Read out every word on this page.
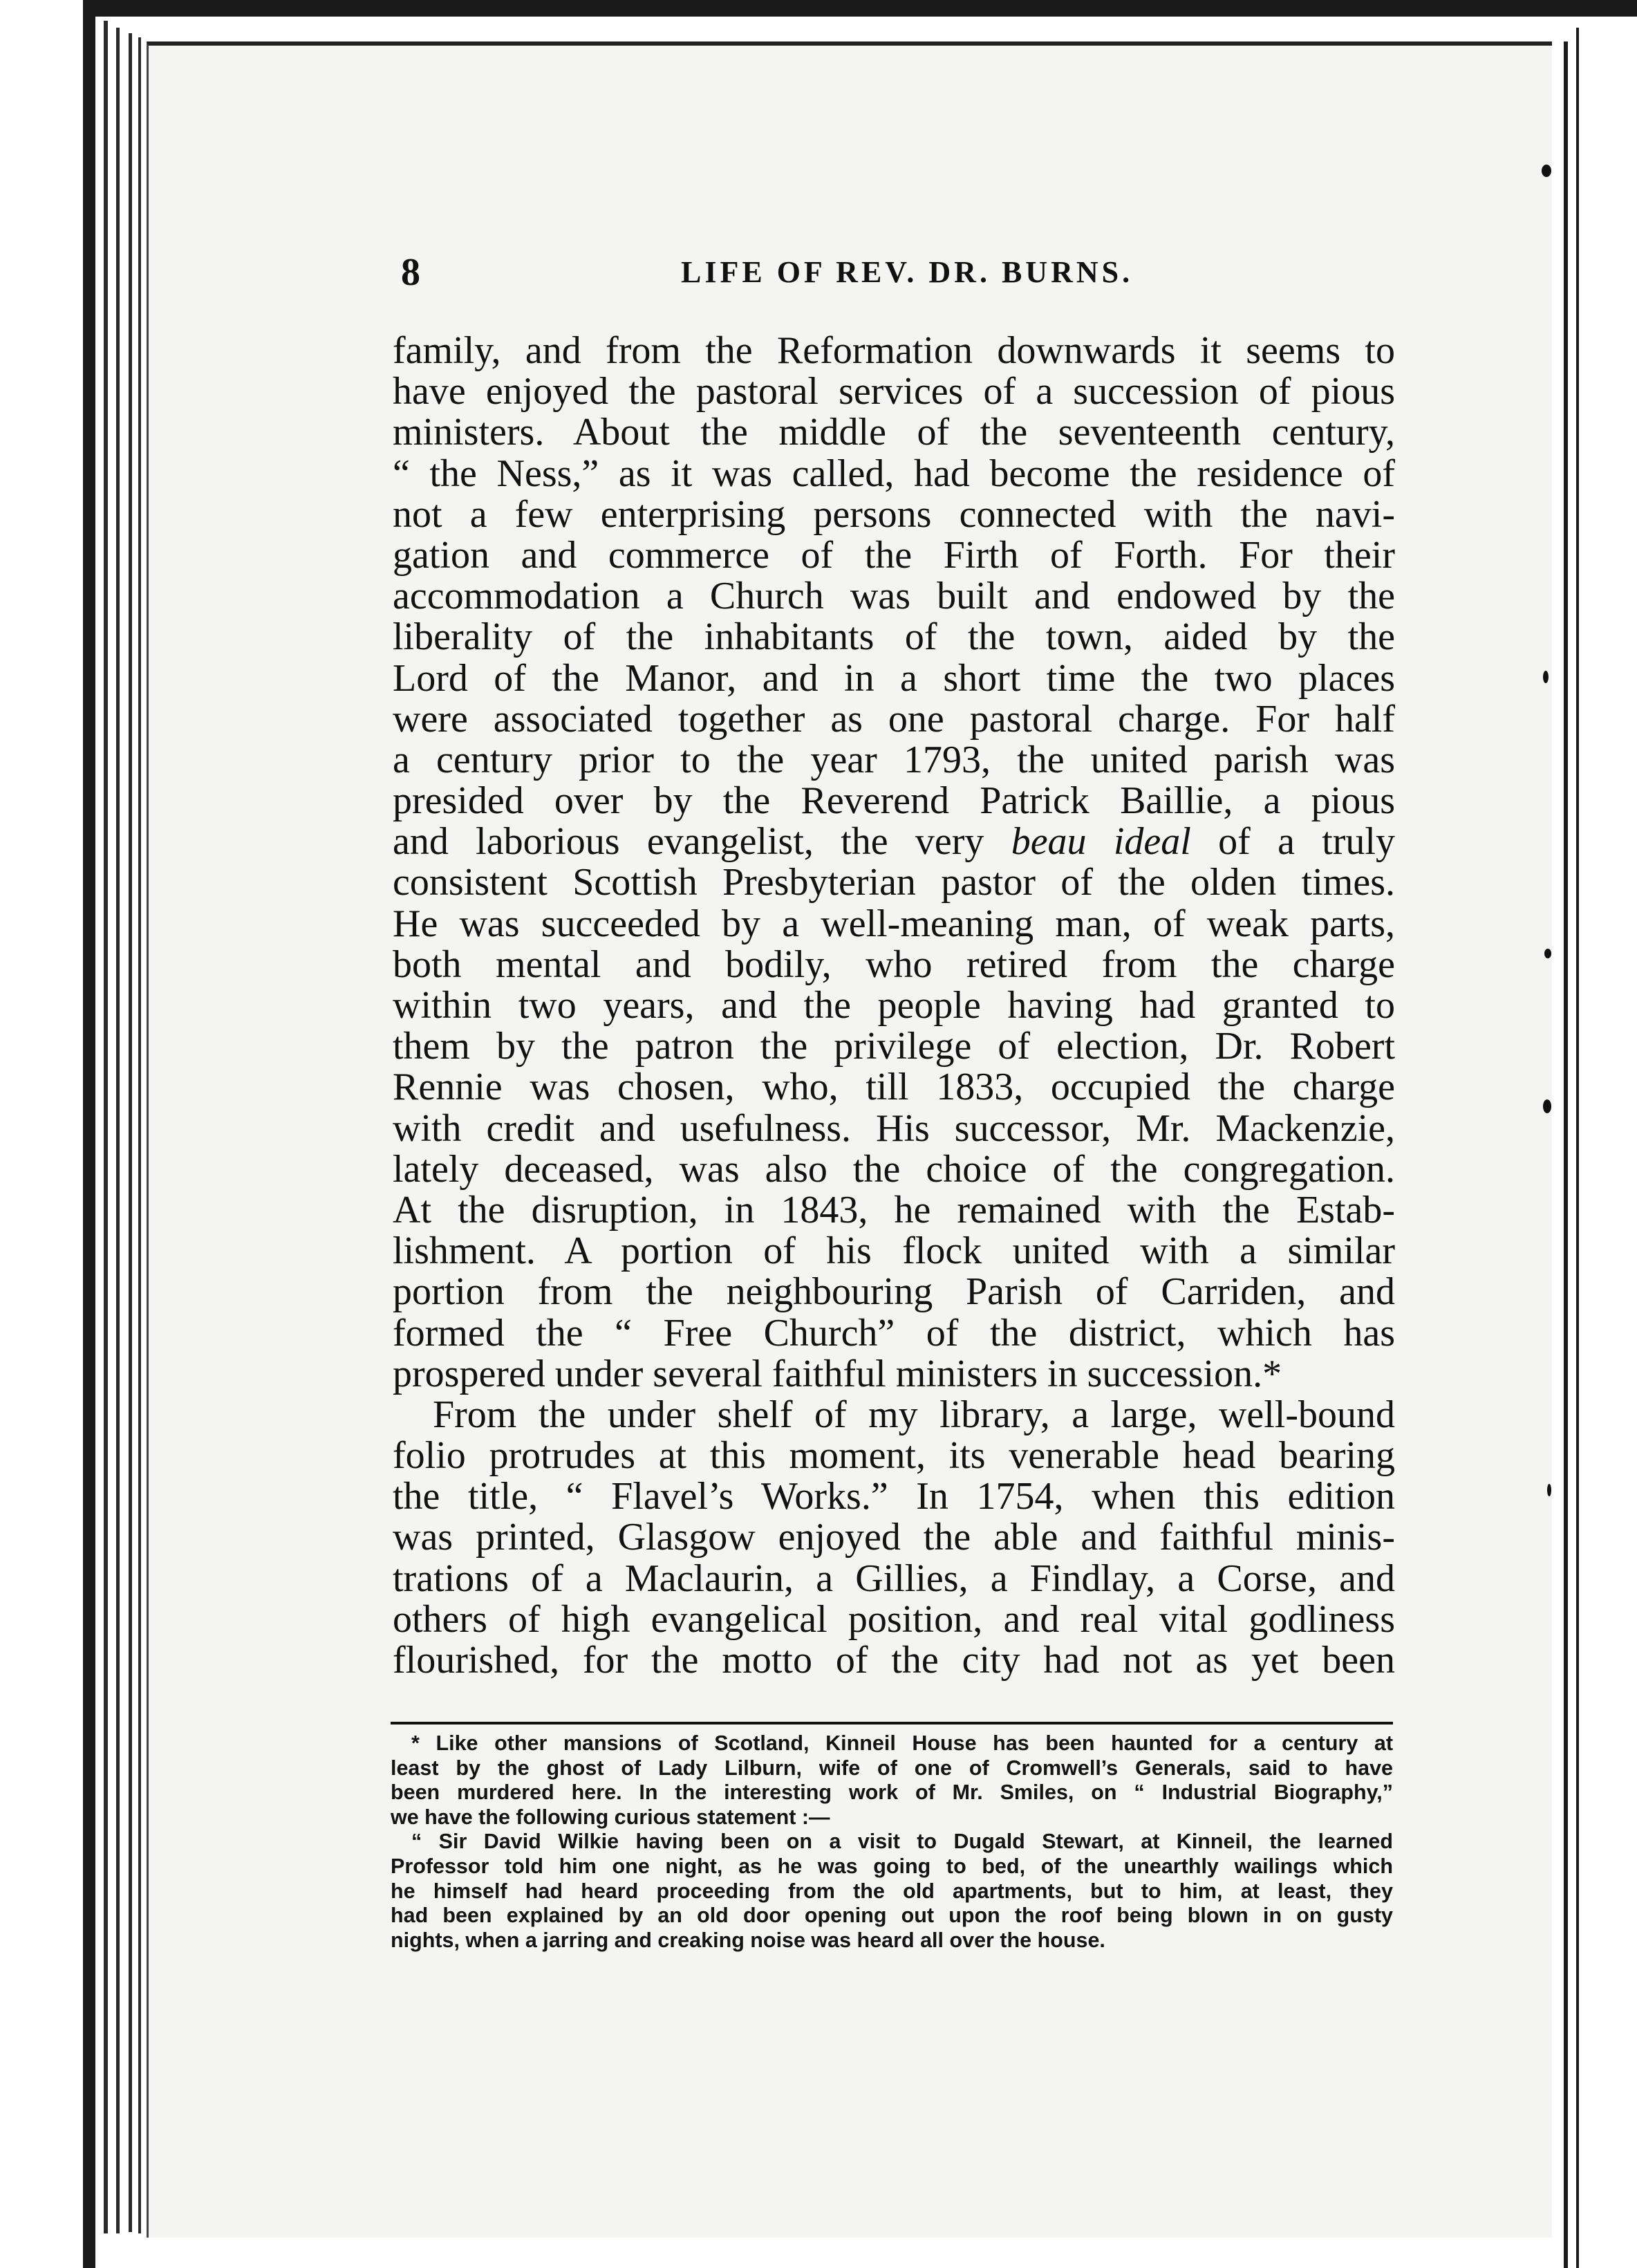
8	LIFE OF REV. DR. BURNS.
family, and from the Reformation downwards it seems to
have enjoyed the pastoral services of a succession of pious
ministers. About the middle of the seventeenth century,
“ the Ness,” as it was called, had become the residence of
not a few enterprising persons connected with the navi-
gation and commerce of the Firth of Forth. For their
accommodation a Church was built and endowed by the
liberality of the inhabitants of the town, aided by the
Lord of the Manor, and in a short time the two places
were associated together as one pastoral charge. For half
a century prior to the year 1793, the united parish was
presided over by the Reverend Patrick Baillie, a pious
and laborious evangelist, the very beau ideal of a truly
consistent Scottish Presbyterian pastor of the olden times.
He was succeeded by a well-meaning man, of weak parts,
both mental and bodily, who retired from the charge
within two years, and the people having had granted to
them by the patron the privilege of election, Dr. Robert
Rennie was chosen, who, till 1833, occupied the charge
with credit and usefulness. His successor, Mr. Mackenzie,
lately deceased, was also the choice of the congregation.
At the disruption, in 1843, he remained with the Estab-
lishment. A portion of his flock united with a similar
portion from the neighbouring Parish of Carriden, and
formed the “ Free Church” of the district, which has
prospered under several faithful ministers in succession.*
From the under shelf of my library, a large, well-bound
folio protrudes at this moment, its venerable head bearing
the title, “ Flavel’s Works.” In 1754, when this edition
was printed, Glasgow enjoyed the able and faithful minis-
trations of a Maclaurin, a Gillies, a Findlay, a Corse, and
others of high evangelical position, and real vital godliness
flourished, for the motto of the city had not as yet been
* Like other mansions of Scotland, Kinneil House has been haunted for a century at
least by the ghost of Lady Lilburn, wife of one of Cromwell’s Generals, said to have
been murdered here. In the interesting work of Mr. Smiles, on “ Industrial Biography,”
we have the following curious statement :—
“ Sir David Wilkie having been on a visit to Dugald Stewart, at Kinneil, the learned
Professor told him one night, as he was going to bed, of the unearthly wailings which
he himself had heard proceeding from the old apartments, but to him, at least, they
had been explained by an old door opening out upon the roof being blown in on gusty
nights, when a jarring and creaking noise was heard all over the house.
